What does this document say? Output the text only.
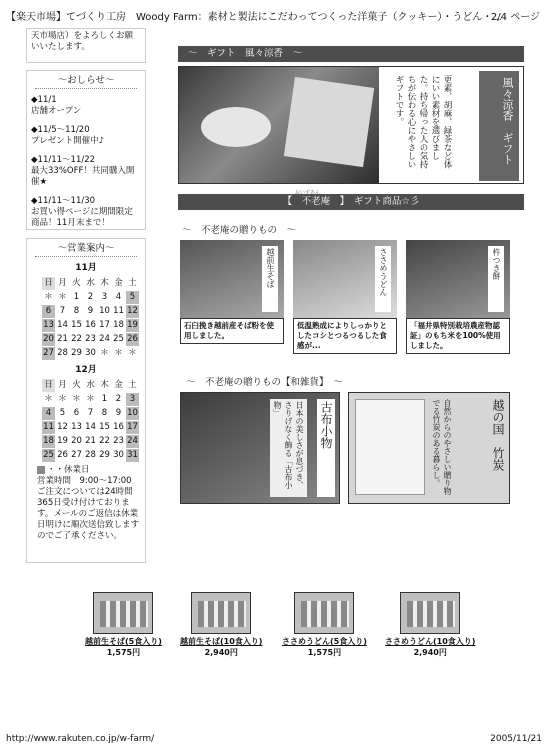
【楽天市場】てづくり工房　Woody Farm：素材と製法にこだわってつくった洋菓子（クッキー）・うどん・...
2/4 ページ
天市場店）をよろしくお願いいたします。
～おしらせ～
◆11/1
店舗オープン
◆11/5～11/20
プレゼント開催中♪
◆11/11～11/22
最大33%OFF！共同購入開催★
◆11/11～11/30
お買い得ページに期間限定商品！11月末まで！
～営業案内～
11月
日	月	火	水	木	金	土
＊	＊	1	2	3	4	5
6	7	8	9	10	11	12
13	14	15	16	17	18	19
20	21	22	23	24	25	26
27	28	29	30	＊	＊	＊
12月
日	月	火	水	木	金	土
＊	＊	＊	＊	1	2	3
4	5	6	7	8	9	10
11	12	13	14	15	16	17
18	19	20	21	22	23	24
25	26	27	28	29	30	31
・・休業日
営業時間　9:00～17:00
ご注文については24時間365日受け付けております。メールのご返信は休業日明けに順次送信致しますのでご了承ください。
～　ギフト　風々涼香　～
更素、胡麻、緑茶など体にいい素材を選びました。持ち帰った人の気持ちが伝わる心にやさしいギフトです。	風々涼香　ギフト
【　不老庵　】　ギフト商品☆彡
おいずあん
～　不老庵の贈りもの　～
越前生そば
石臼挽き越前産そば粉を使用しました。
ささめうどん
低温熟成によりしっかりとしたコシとつるつるした食感が...
杵つき餅
「福井県特別栽培農産物認証」のもち米を100%使用しました。
～　不老庵の贈りもの【和雑貨】　～
日本の美しさが息づき、さりげなく飾る「古布小物」	古布小物	自然からのやさしい贈り物でる竹炭のある暮らし。	越の国　竹炭
越前生そば(5食入り)
1,575円
越前生そば(10食入り)
2,940円
ささめうどん(5食入り)
1,575円
ささめうどん(10食入り)
2,940円
http://www.rakuten.co.jp/w-farm/	2005/11/21
